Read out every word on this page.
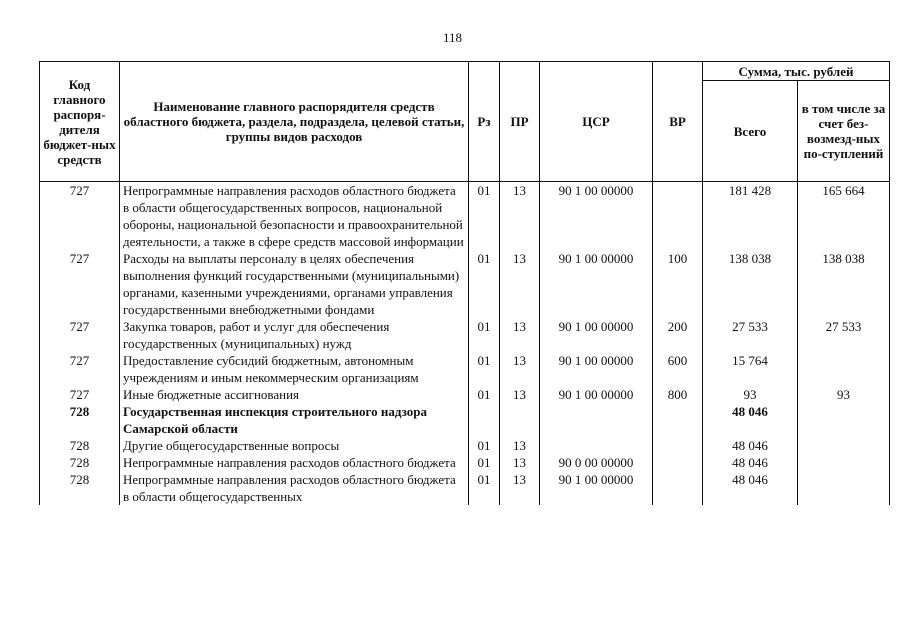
118
Код главного распоря-дителя бюджет-ных средств	Наименование главного распорядителя средств областного бюджета, раздела, подраздела, целевой статьи, группы видов расходов	Рз	ПР	ЦСР	ВР	Сумма, тыс. рублей	
						Всего	в том числе за счет без-возмезд-ных по-ступлений
727	Непрограммные направления расходов областного бюджета в области общегосударственных вопросов, национальной обороны, национальной безопасности и правоохранительной деятельности, а также в сфере средств массовой информации	01	13	90 1 00 00000		181 428	165 664
727	Расходы на выплаты персоналу в целях обеспечения выполнения функций государственными (муниципальными) органами, казенными учреждениями, органами управления государственными внебюджетными фондами	01	13	90 1 00 00000	100	138 038	138 038
727	Закупка товаров, работ и услуг для обеспечения государственных (муниципальных) нужд	01	13	90 1 00 00000	200	27 533	27 533
727	Предоставление субсидий бюджетным, автономным учреждениям и иным некоммерческим организациям	01	13	90 1 00 00000	600	15 764	
727	Иные бюджетные ассигнования	01	13	90 1 00 00000	800	93	93
728	Государственная инспекция строительного надзора Самарской области					48 046	
728	Другие общегосударственные вопросы	01	13			48 046	
728	Непрограммные направления расходов областного бюджета	01	13	90 0 00 00000		48 046	
728	Непрограммные направления расходов областного бюджета в области общегосударственных	01	13	90 1 00 00000		48 046	
